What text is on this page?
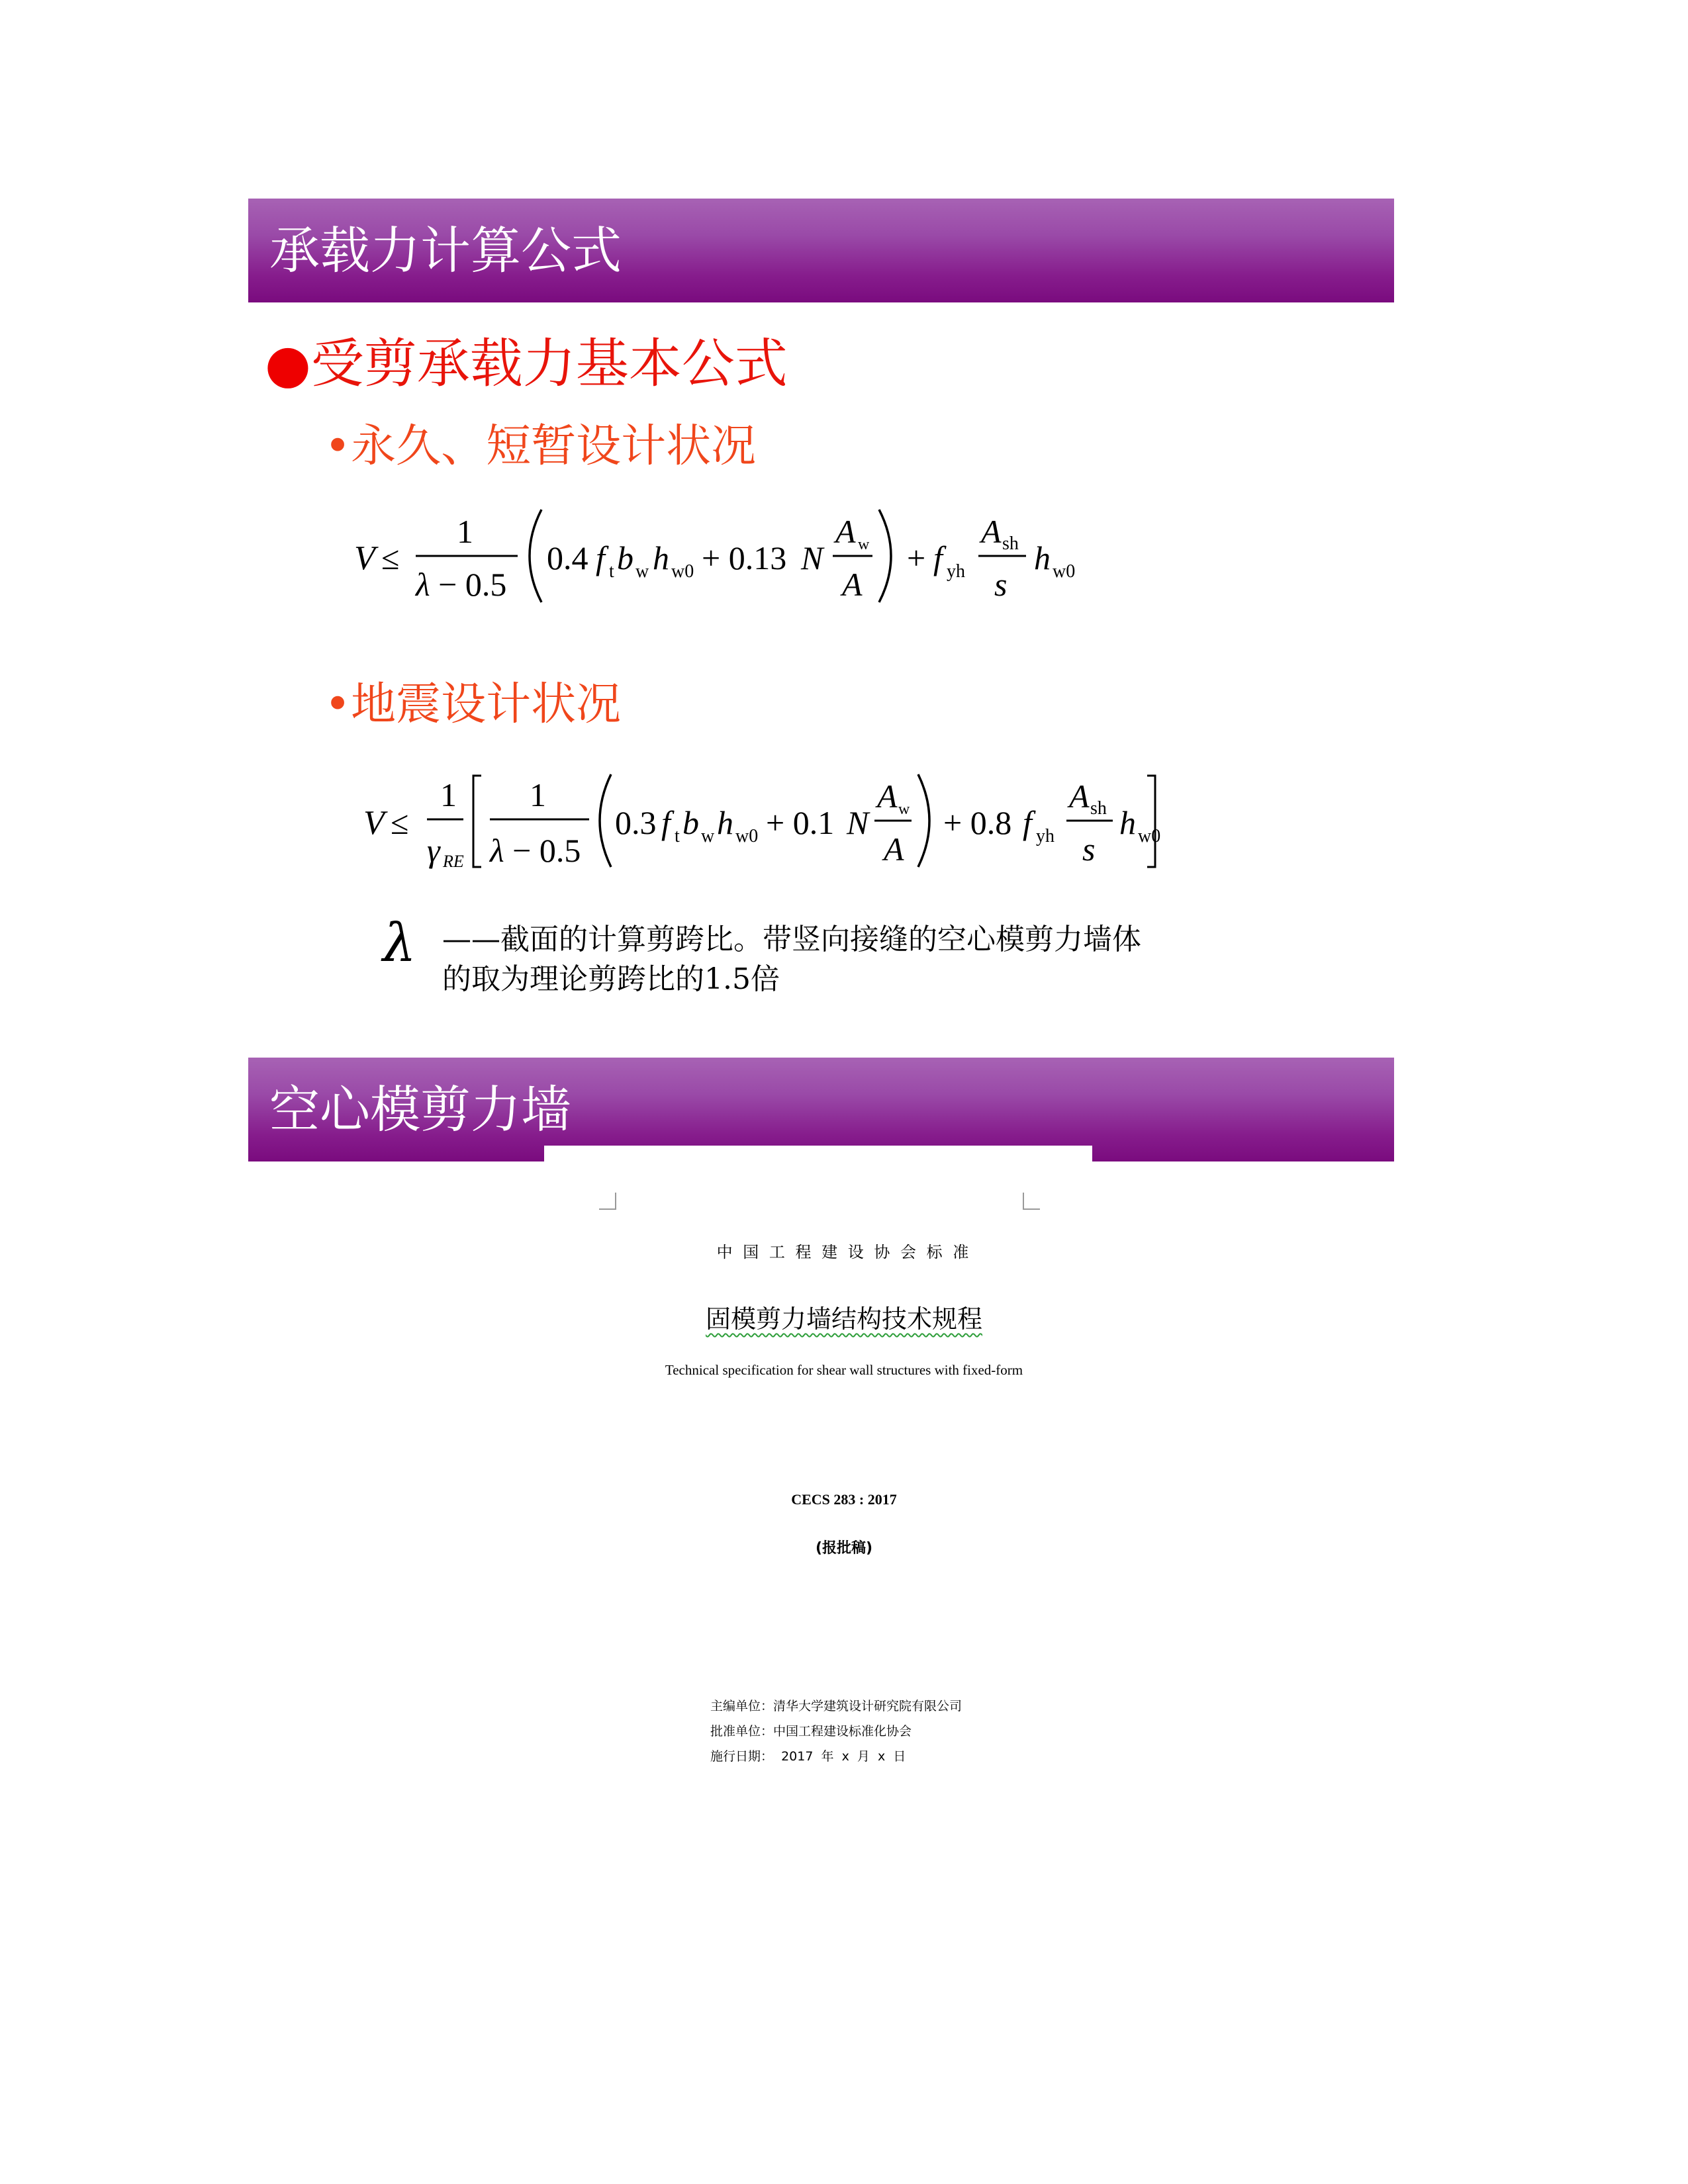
承载力计算公式
●受剪承载力基本公式
•永久、短暂设计状况
V ≤
1
λ − 0.5
0.4 f t b w h w0 + 0.13 N
A w
A
+ f yh
A sh
s
h w0
•地震设计状况
V ≤
1
γ RE
1
λ − 0.5
0.3 f t b w h w0 + 0.1 N
A w
A
+ 0.8 f yh
A sh
s
h w0
λ ——截面的计算剪跨比。带竖向接缝的空心模剪力墙体
的取为理论剪跨比的1.5倍
空心模剪力墙
中 国 工 程 建 设 协 会 标 准
固模剪力墙结构技术规程
Technical specification for shear wall structures with fixed-form
CECS 283 : 2017
(报批稿)
主编单位：清华大学建筑设计研究院有限公司
批准单位：中国工程建设标准化协会
施行日期：  2017  年  x  月  x  日
